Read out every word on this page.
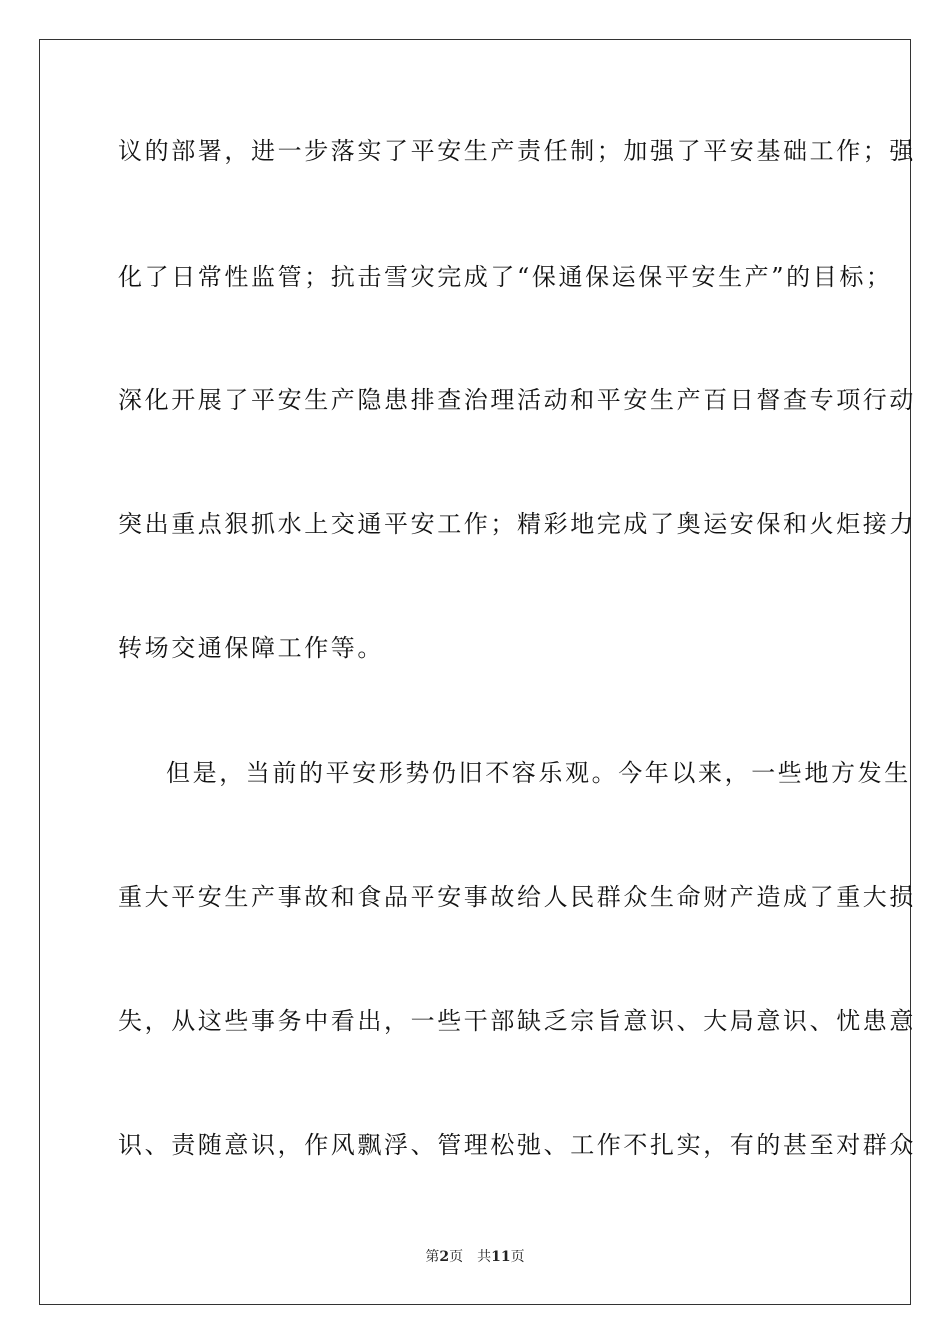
议的部署，进一步落实了平安生产责任制；加强了平安基础工作；强
化了日常性监管；抗击雪灾完成了“保通保运保平安生产”的目标；
深化开展了平安生产隐患排查治理活动和平安生产百日督查专项行动
突出重点狠抓水上交通平安工作；精彩地完成了奥运安保和火炬接力
转场交通保障工作等。
但是，当前的平安形势仍旧不容乐观。今年以来，一些地方发生
重大平安生产事故和食品平安事故给人民群众生命财产造成了重大损
失，从这些事务中看出，一些干部缺乏宗旨意识、大局意识、忧患意
识、责随意识，作风飘浮、管理松弛、工作不扎实，有的甚至对群众
第2页 共11页
